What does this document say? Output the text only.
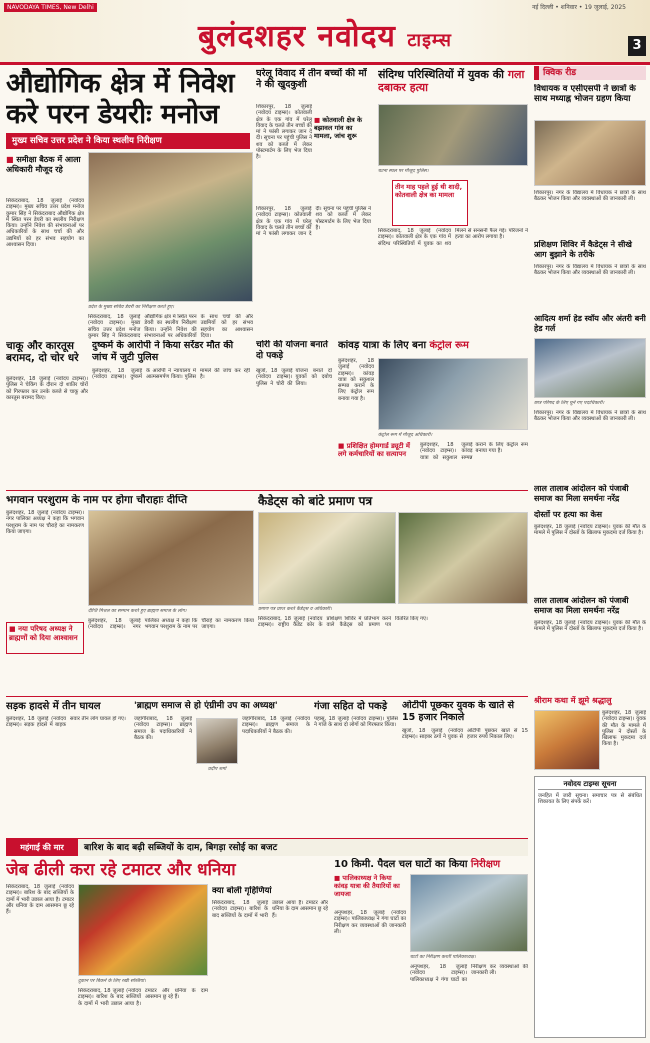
NAVODAYA TIMES, New Delhi	नई दिल्ली • शनिवार • 19 जुलाई, 2025
बुलंदशहर नवोदय टाइम्स	3
औद्योगिक क्षेत्र में निवेश करे परन डेयरीः मनोज
मुख्य सचिव उत्तर प्रदेश ने किया स्थलीय निरीक्षण
■ समीक्षा बैठक में आला अधिकारी मौजूद रहे
सिकंदराबाद, 18 जुलाई (नवोदय टाइम्स)। मुख्य सचिव उत्तर प्रदेश मनोज कुमार सिंह ने सिकंदराबाद औद्योगिक क्षेत्र में स्थित परन डेयरी का स्थलीय निरीक्षण किया। उन्होंने निवेश की संभावनाओं पर अधिकारियों के साथ चर्चा की और उद्यमियों को हर संभव सहयोग का आश्वासन दिया।
प्रदेश के मुख्य सचिव डेयरी का निरीक्षण करते हुए।
सिकंदराबाद, 18 जुलाई (नवोदय टाइम्स)। मुख्य सचिव उत्तर प्रदेश मनोज कुमार सिंह ने सिकंदराबाद औद्योगिक क्षेत्र में स्थित परन डेयरी का स्थलीय निरीक्षण किया। उन्होंने निवेश की संभावनाओं पर अधिकारियों के साथ चर्चा की और उद्यमियों को हर संभव सहयोग का आश्वासन दिया।
घरेलू विवाद में तीन बच्चों की माँ ने की खुदकुशी
शिकारपुर, 18 जुलाई (नवोदय टाइम्स)। कोतवाली क्षेत्र के एक गांव में घरेलू विवाद के चलते तीन बच्चों की मां ने फांसी लगाकर जान दे दी। सूचना पर पहुंची पुलिस ने शव को कब्जे में लेकर पोस्टमार्टम के लिए भेज दिया है।
■ कोतवाली क्षेत्र के बझावल गांव का मामला, जांच शुरू
शिकारपुर, 18 जुलाई (नवोदय टाइम्स)। कोतवाली क्षेत्र के एक गांव में घरेलू विवाद के चलते तीन बच्चों की मां ने फांसी लगाकर जान दे दी। सूचना पर पहुंची पुलिस ने शव को कब्जे में लेकर पोस्टमार्टम के लिए भेज दिया है।
संदिग्ध परिस्थितियों में युवक की गला दबाकर हत्या
घटना स्थल पर मौजूद पुलिस।
तीन माह पहले हुई थी शादी, कोतवाली क्षेत्र का मामला
सिकंदराबाद, 18 जुलाई (नवोदय टाइम्स)। कोतवाली क्षेत्र के एक गांव में संदिग्ध परिस्थितियों में युवक का शव मिलने से सनसनी फैल गई। परिजनों ने हत्या का आरोप लगाया है।
क्विक रीड
विधायक व एसीएसपी ने छात्रों के साथ मध्याह्न भोजन ग्रहण किया
शिकारपुर। नगर के विद्यालय में विधायक ने छात्रों के साथ बैठकर भोजन किया और व्यवस्थाओं की जानकारी ली।
प्रशिक्षण शिविर में कैडेट्स ने सीखे आग बुझाने के तरीके
शिकारपुर। नगर के विद्यालय में विधायक ने छात्रों के साथ बैठकर भोजन किया और व्यवस्थाओं की जानकारी ली।
आदित्य शर्मा हेड स्वॉय और अंतरी बनी हेड गर्ल
छात्र परिषद के लिए चुने गए पदाधिकारी।
शिकारपुर। नगर के विद्यालय में विधायक ने छात्रों के साथ बैठकर भोजन किया और व्यवस्थाओं की जानकारी ली।
चाकू और कारतूस बरामद, दो चोर धरे
बुलंदशहर, 18 जुलाई (नवोदय टाइम्स)। पुलिस ने चेकिंग के दौरान दो शातिर चोरों को गिरफ्तार कर उनके कब्जे से चाकू और कारतूस बरामद किए।
दुष्कर्म के आरोपी ने किया सरेंडर मौत की जांच में जुटी पुलिस
बुलंदशहर, 18 जुलाई (नवोदय टाइम्स)। दुष्कर्म के आरोपी ने न्यायालय में आत्मसमर्पण किया। पुलिस मामले की जांच कर रही है।
चोरी की योजना बनाते दो पकड़े
खुर्जा, 18 जुलाई (नवोदय टाइम्स)। पुलिस ने चोरी की योजना बनाते दो युवकों को दबोच लिया।
कांवड़ यात्रा के लिए बना कंट्रोल रूम
बुलंदशहर, 18 जुलाई (नवोदय टाइम्स)। कांवड़ यात्रा को सकुशल सम्पन्न कराने के लिए कंट्रोल रूम बनाया गया है।
कंट्रोल रूम में मौजूद अधिकारी।
■ प्रशिक्षित होमगार्ड ड्यूटी में लगे कर्मचारियों का सत्यापन
बुलंदशहर, 18 जुलाई (नवोदय टाइम्स)। कांवड़ यात्रा को सकुशल सम्पन्न कराने के लिए कंट्रोल रूम बनाया गया है।
लाल तालाब आंदोलन को पंजाबी समाज का मिला समर्थनः नरेंद्र
भगवान परशुराम के नाम पर होगा चौराहाः दीप्ति
बुलंदशहर, 18 जुलाई (नवोदय टाइम्स)। नगर पालिका अध्यक्ष ने कहा कि भगवान परशुराम के नाम पर चौराहे का नामकरण किया जाएगा।
दीप्ति मित्तल का सम्मान करते हुए ब्राह्मण समाज के लोग।
■ नया परिषद अध्यक्ष ने ब्राह्मणों को दिया आश्वासन
बुलंदशहर, 18 जुलाई (नवोदय टाइम्स)। नगर पालिका अध्यक्ष ने कहा कि भगवान परशुराम के नाम पर चौराहे का नामकरण किया जाएगा।
कैडेट्स को बांटे प्रमाण पत्र
प्रमाण पत्र प्राप्त करते कैडेट्स व अधिकारी।
सिकंदराबाद, 18 जुलाई (नवोदय टाइम्स)। राष्ट्रीय कैडेट कोर के प्रशिक्षण शिविर में प्रतिभाग करने वाले कैडेट्स को प्रमाण पत्र वितरित किए गए।
दोस्तों पर हत्या का केस
बुलंदशहर, 18 जुलाई (नवोदय टाइम्स)। युवक की मौत के मामले में पुलिस ने दोस्तों के खिलाफ मुकदमा दर्ज किया है।
लाल तालाब आंदोलन को पंजाबी समाज का मिला समर्थनः नरेंद्र
बुलंदशहर, 18 जुलाई (नवोदय टाइम्स)। युवक की मौत के मामले में पुलिस ने दोस्तों के खिलाफ मुकदमा दर्ज किया है।
श्रीराम कथा में झूमे श्रद्धालु
बुलंदशहर, 18 जुलाई (नवोदय टाइम्स)। युवक की मौत के मामले में पुलिस ने दोस्तों के खिलाफ मुकदमा दर्ज किया है।
सड़क हादसे में तीन घायल
बुलंदशहर, 18 जुलाई (नवोदय टाइम्स)। सड़क हादसे में बाइक सवार तीन लोग घायल हो गए।
'ब्राह्मण समाज से हो एंग्रीमी उप का अध्यक्ष'
जहांगीराबाद, 18 जुलाई (नवोदय टाइम्स)। ब्राह्मण समाज के पदाधिकारियों ने बैठक की।
प्रदीप शर्मा
जहांगीराबाद, 18 जुलाई (नवोदय टाइम्स)। ब्राह्मण समाज के पदाधिकारियों ने बैठक की।
गंजा सहित दो पकड़े
पहासू, 18 जुलाई (नवोदय टाइम्स)। पुलिस ने गांजे के साथ दो लोगों को गिरफ्तार किया।
ओटीपी पूछकर युवक के खाते से 15 हजार निकाले
खुर्जा, 18 जुलाई (नवोदय टाइम्स)। साइबर ठगों ने युवक से ओटीपी पूछकर खाते से 15 हजार रुपये निकाल लिए।
महंगाई की मार	बारिश के बाद बढ़ी सब्जियों के दाम, बिगड़ा रसोई का बजट
जेब ढीली करा रहे टमाटर और धनिया
सिकंदराबाद, 18 जुलाई (नवोदय टाइम्स)। बारिश के बाद सब्जियों के दामों में भारी उछाल आया है। टमाटर और धनिया के दाम आसमान छू रहे हैं।
दुकान पर बिकने के लिए रखी सब्जियां।
सिकंदराबाद, 18 जुलाई (नवोदय टाइम्स)। बारिश के बाद सब्जियों के दामों में भारी उछाल आया है। टमाटर और धनिया के दाम आसमान छू रहे हैं।
क्या बोली गृहिणियां
सिकंदराबाद, 18 जुलाई (नवोदय टाइम्स)। बारिश के बाद सब्जियों के दामों में भारी उछाल आया है। टमाटर और धनिया के दाम आसमान छू रहे हैं।
10 किमी. पैदल चल घाटों का किया निरीक्षण
■ पालिकाध्यक्ष ने किया कांवड़ यात्रा की तैयारियों का जायजा
घाटों का निरीक्षण करतीं पालिकाध्यक्ष।
अनूपशहर, 18 जुलाई (नवोदय टाइम्स)। पालिकाध्यक्ष ने गंगा घाटों का निरीक्षण कर व्यवस्थाओं की जानकारी ली।
अनूपशहर, 18 जुलाई (नवोदय टाइम्स)। पालिकाध्यक्ष ने गंगा घाटों का निरीक्षण कर व्यवस्थाओं की जानकारी ली।
नवोदय टाइम्स सूचना
जनहित में जारी सूचना। समाचार पत्र से संबंधित शिकायत के लिए संपर्क करें।
